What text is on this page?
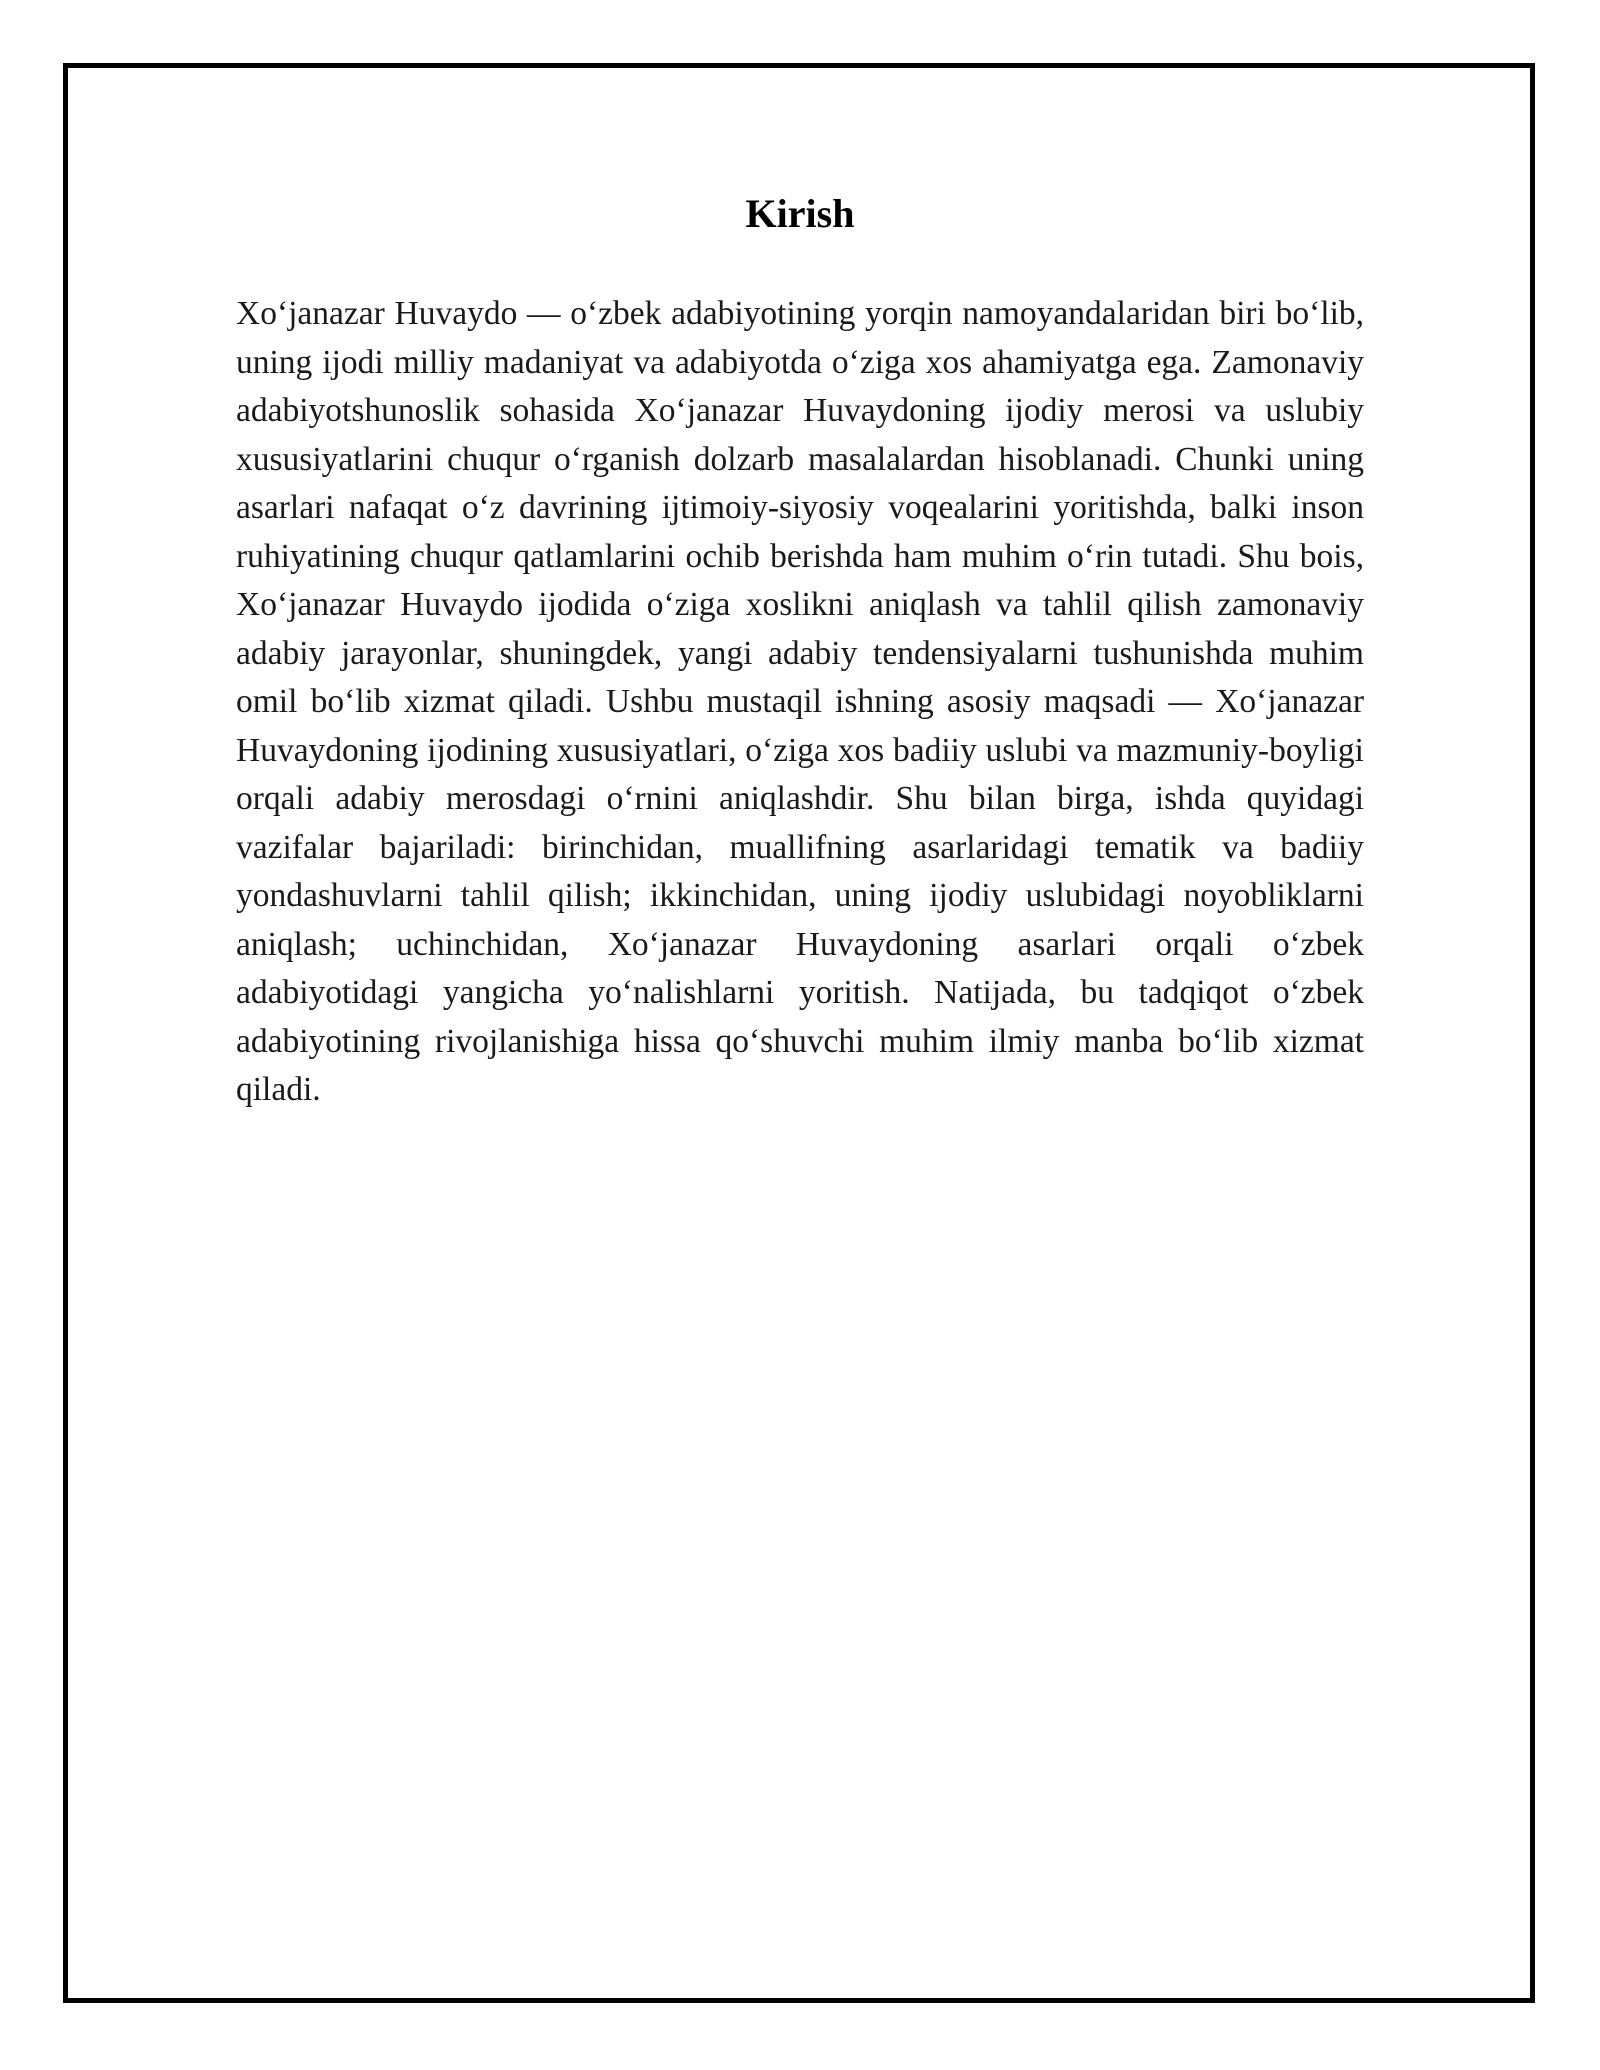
Kirish

Xo‘janazar Huvaydo — o‘zbek adabiyotining yorqin namoyandalaridan biri bo‘lib, uning ijodi milliy madaniyat va adabiyotda o‘ziga xos ahamiyatga ega. Zamonaviy adabiyotshunoslik sohasida Xo‘janazar Huvaydoning ijodiy merosi va uslubiy xususiyatlarini chuqur o‘rganish dolzarb masalalardan hisoblanadi. Chunki uning asarlari nafaqat o‘z davrining ijtimoiy-siyosiy voqealarini yoritishda, balki inson ruhiyatining chuqur qatlamlarini ochib berishda ham muhim o‘rin tutadi. Shu bois, Xo‘janazar Huvaydo ijodida o‘ziga xoslikni aniqlash va tahlil qilish zamonaviy adabiy jarayonlar, shuningdek, yangi adabiy tendensiyalarni tushunishda muhim omil bo‘lib xizmat qiladi. Ushbu mustaqil ishning asosiy maqsadi — Xo‘janazar Huvaydoning ijodining xususiyatlari, o‘ziga xos badiiy uslubi va mazmuniy-boyligi orqali adabiy merosdagi o‘rnini aniqlashdir. Shu bilan birga, ishda quyidagi vazifalar bajariladi: birinchidan, muallifning asarlaridagi tematik va badiiy yondashuvlarni tahlil qilish; ikkinchidan, uning ijodiy uslubidagi noyobliklarni aniqlash; uchinchidan, Xo‘janazar Huvaydoning asarlari orqali o‘zbek adabiyotidagi yangicha yo‘nalishlarni yoritish. Natijada, bu tadqiqot o‘zbek adabiyotining rivojlanishiga hissa qo‘shuvchi muhim ilmiy manba bo‘lib xizmat qiladi.
